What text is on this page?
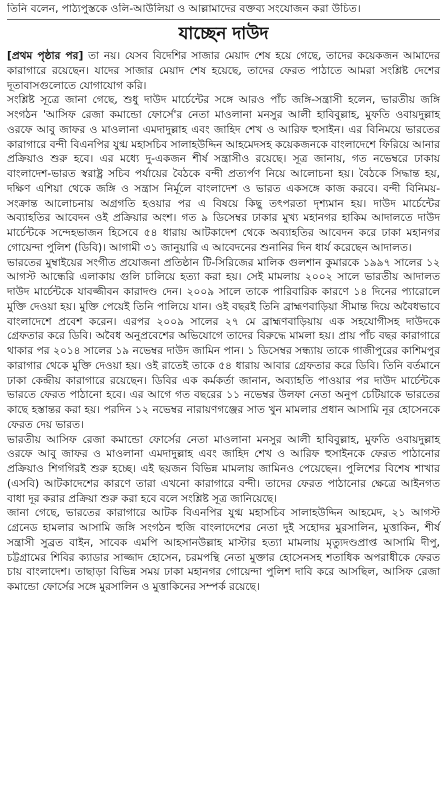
তিনি বলেন, পাঠ্যপুস্তকে ওলি-আউলিয়া ও আল্লামাদের বক্তব্য সংযোজন করা উচিত।
যাচ্ছেন দাউদ

[প্রথম পৃষ্ঠার পর] তা নয়। যেসব বিদেশির সাজার মেয়াদ শেষ হয়ে গেছে, তাদের কয়েকজন আমাদের কারাগারে রয়েছেন। যাদের সাজার মেয়াদ শেষ হয়েছে, তাদের ফেরত পাঠাতে আমরা সংশ্লিষ্ট দেশের দূতাবাসগুলোতে যোগাযোগ করি।

সংশ্লিষ্ট সূত্রে জানা গেছে, শুধু দাউদ মার্চেন্টের সঙ্গে আরও পাঁচ জঙ্গি-সন্ত্রাসী হলেন, ভারতীয় জঙ্গি সংগঠন 'আসিফ রেজা কমান্ডো ফোর্সে'র নেতা মাওলানা মনসুর আলী হাবিবুল্লাহ, মুফতি ওবায়দুল্লাহ ওরফে আবু জাফর ও মাওলানা এমদাদুল্লাহ এবং জাহিদ শেখ ও আরিফ হুসাইন। এর বিনিময়ে ভারতের কারাগারে বন্দী বিএনপির যুগ্ম মহাসচিব সালাহউদ্দিন আহমেদসহ কয়েকজনকে বাংলাদেশে ফিরিয়ে আনার প্রক্রিয়াও শুরু হবে। এর মধ্যে দু-একজন শীর্ষ সন্ত্রাসীও রয়েছে। সূত্র জানায়, গত নভেম্বরে ঢাকায় বাংলাদেশ-ভারত স্বরাষ্ট্র সচিব পর্যায়ের বৈঠকে বন্দী প্রত্যর্পণ নিয়ে আলোচনা হয়। বৈঠকে সিদ্ধান্ত হয়, দক্ষিণ এশিয়া থেকে জঙ্গি ও সন্ত্রাস নির্মূলে বাংলাদেশ ও ভারত একসঙ্গে কাজ করবে। বন্দী বিনিময়-সংক্রান্ত আলোচনায় অগ্রগতি হওয়ার পর এ বিষয়ে কিছু তৎপরতা দৃশ্যমান হয়। দাউদ মার্চেন্টের অব্যাহতির আবেদন ওই প্রক্রিয়ার অংশ। গত ৯ ডিসেম্বর ঢাকার মুখ্য মহানগর হাকিম আদালতে দাউদ মার্চেন্টকে সন্দেহভাজন হিসেবে ৫৪ ধারায় আটকাদেশ থেকে অব্যাহতির আবেদন করে ঢাকা মহানগর গোয়েন্দা পুলিশ (ডিবি)। আগামী ৩১ জানুয়ারি এ আবেদনের শুনানির দিন ধার্য করেছেন আদালত।

ভারতের মুম্বাইয়ের সংগীত প্রযোজনা প্রতিষ্ঠান টি-সিরিজের মালিক গুলশান কুমারকে ১৯৯৭ সালের ১২ আগস্ট আন্ধেরি এলাকায় গুলি চালিয়ে হত্যা করা হয়। সেই মামলায় ২০০২ সালে ভারতীয় আদালত দাউদ মার্চেন্টকে যাবজ্জীবন কারাদণ্ড দেন। ২০০৯ সালে তাকে পারিবারিক কারণে ১৪ দিনের প্যারোলে মুক্তি দেওয়া হয়। মুক্তি পেয়েই তিনি পালিয়ে যান। ওই বছরই তিনি ব্রাহ্মণবাড়িয়া সীমান্ত দিয়ে অবৈধভাবে বাংলাদেশে প্রবেশ করেন। এরপর ২০০৯ সালের ২৭ মে ব্রাহ্মণবাড়িয়ায় এক সহযোগীসহ দাউদকে গ্রেফতার করে ডিবি। অবৈধ অনুপ্রবেশের অভিযোগে তাদের বিরুদ্ধে মামলা হয়। প্রায় পাঁচ বছর কারাগারে থাকার পর ২০১৪ সালের ১৯ নভেম্বর দাউদ জামিন পান। ১ ডিসেম্বর সন্ধ্যায় তাকে গাজীপুরের কাশিমপুর কারাগার থেকে মুক্তি দেওয়া হয়। ওই রাতেই তাকে ৫৪ ধারায় আবার গ্রেফতার করে ডিবি। তিনি বর্তমানে ঢাকা কেন্দ্রীয় কারাগারে রয়েছেন। ডিবির এক কর্মকর্তা জানান, অব্যাহতি পাওয়ার পর দাউদ মার্চেন্টকে ভারতে ফেরত পাঠানো হবে। এর আগে গত বছরের ১১ নভেম্বর উলফা নেতা অনুপ চেটিয়াকে ভারতের কাছে হস্তান্তর করা হয়। পরদিন ১২ নভেম্বর নারায়ণগঞ্জের সাত খুন মামলার প্রধান আসামি নূর হোসেনকে ফেরত দেয় ভারত।

ভারতীয় আসিফ রেজা কমান্ডো ফোর্সের নেতা মাওলানা মনসুর আলী হাবিবুল্লাহ, মুফতি ওবায়দুল্লাহ ওরফে আবু জাফর ও মাওলানা এমদাদুল্লাহ এবং জাহিদ শেখ ও আরিফ হুসাইনকে ফেরত পাঠানোর প্রক্রিয়াও শিগগিরই শুরু হচ্ছে। এই ছয়জন বিভিন্ন মামলায় জামিনও পেয়েছেন। পুলিশের বিশেষ শাখার (এসবি) আটকাদেশের কারণে তারা এখনো কারাগারে বন্দী। তাদের ফেরত পাঠানোর ক্ষেত্রে আইনগত বাধা দূর করার প্রক্রিয়া শুরু করা হবে বলে সংশ্লিষ্ট সূত্র জানিয়েছে।

জানা গেছে, ভারতের কারাগারে আটক বিএনপির যুগ্ম মহাসচিব সালাহউদ্দিন আহমেদ, ২১ আগস্ট গ্রেনেড হামলার আসামি জঙ্গি সংগঠন হুজি বাংলাদেশের নেতা দুই সহোদর মুরসালিন, মুত্তাকিন, শীর্ষ সন্ত্রাসী সুব্রত বাইন, সাবেক এমপি আহসানউল্লাহ মাস্টার হত্যা মামলায় মৃত্যুদণ্ডপ্রাপ্ত আসামি দীপু, চট্টগ্রামের শিবির ক্যাডার সাজ্জাদ হোসেন, চরমপন্থি নেতা মুক্তার হোসেনসহ শতাধিক অপরাধীকে ফেরত চায় বাংলাদেশ। তাছাড়া বিভিন্ন সময় ঢাকা মহানগর গোয়েন্দা পুলিশ দাবি করে আসছিল, আসিফ রেজা কমান্ডো ফোর্সের সঙ্গে মুরসালিন ও মুত্তাকিনের সম্পর্ক রয়েছে।
